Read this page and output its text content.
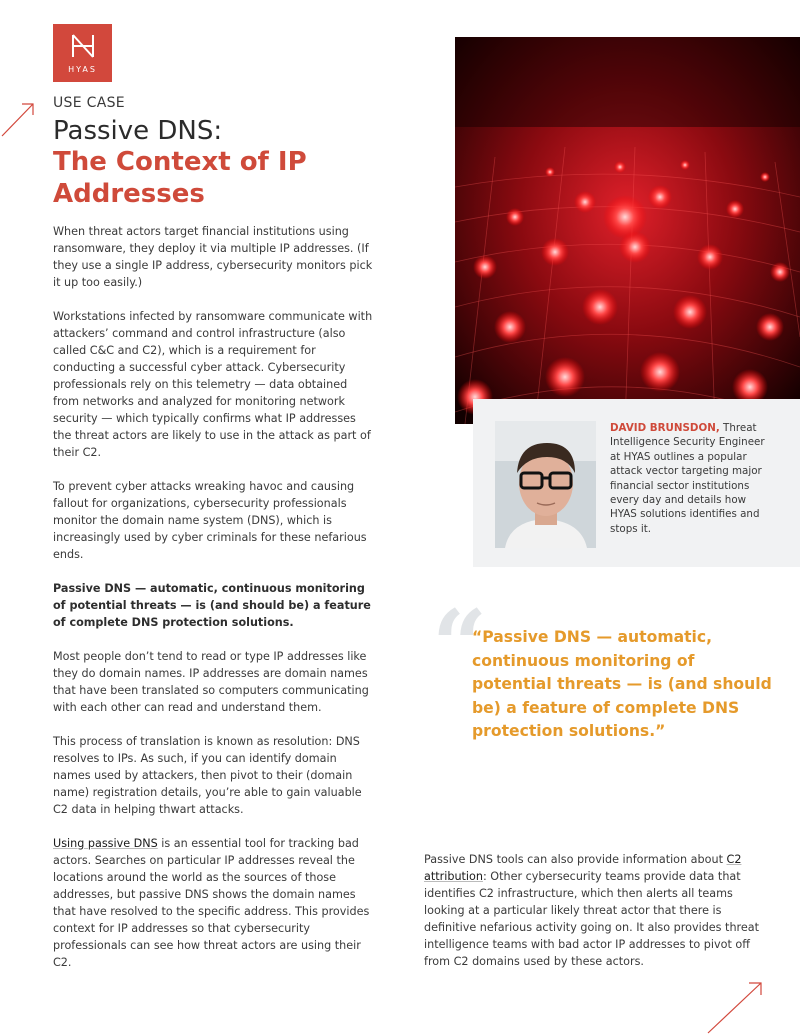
HYAS
USE CASE
Passive DNS:
The Context of IP Addresses

When threat actors target financial institutions using ransomware, they deploy it via multiple IP addresses. (If they use a single IP address, cybersecurity monitors pick it up too easily.)

Workstations infected by ransomware communicate with attackers’ command and control infrastructure (also called C&C and C2), which is a requirement for conducting a successful cyber attack. Cybersecurity professionals rely on this telemetry — data obtained from networks and analyzed for monitoring network security — which typically confirms what IP addresses the threat actors are likely to use in the attack as part of their C2.

To prevent cyber attacks wreaking havoc and causing fallout for organizations, cybersecurity professionals monitor the domain name system (DNS), which is increasingly used by cyber criminals for these nefarious ends.

Passive DNS — automatic, continuous monitoring of potential threats — is (and should be) a feature of complete DNS protection solutions.

Most people don’t tend to read or type IP addresses like they do domain names. IP addresses are domain names that have been translated so computers communicating with each other can read and understand them.

This process of translation is known as resolution: DNS resolves to IPs. As such, if you can identify domain names used by attackers, then pivot to their (domain name) registration details, you’re able to gain valuable C2 data in helping thwart attacks.

Using passive DNS is an essential tool for tracking bad actors. Searches on particular IP addresses reveal the locations around the world as the sources of those addresses, but passive DNS shows the domain names that have resolved to the specific address. This provides context for IP addresses so that cybersecurity professionals can see how threat actors are using their C2.

DAVID BRUNSDON, Threat Intelligence Security Engineer at HYAS outlines a popular attack vector targeting major financial sector institutions every day and details how HYAS solutions identifies and stops it.
“
“Passive DNS — automatic, continuous monitoring of potential threats — is (and should be) a feature of complete DNS protection solutions.”
Passive DNS tools can also provide information about C2 attribution: Other cybersecurity teams provide data that identifies C2 infrastructure, which then alerts all teams looking at a particular likely threat actor that there is definitive nefarious activity going on. It also provides threat intelligence teams with bad actor IP addresses to pivot off from C2 domains used by these actors.
